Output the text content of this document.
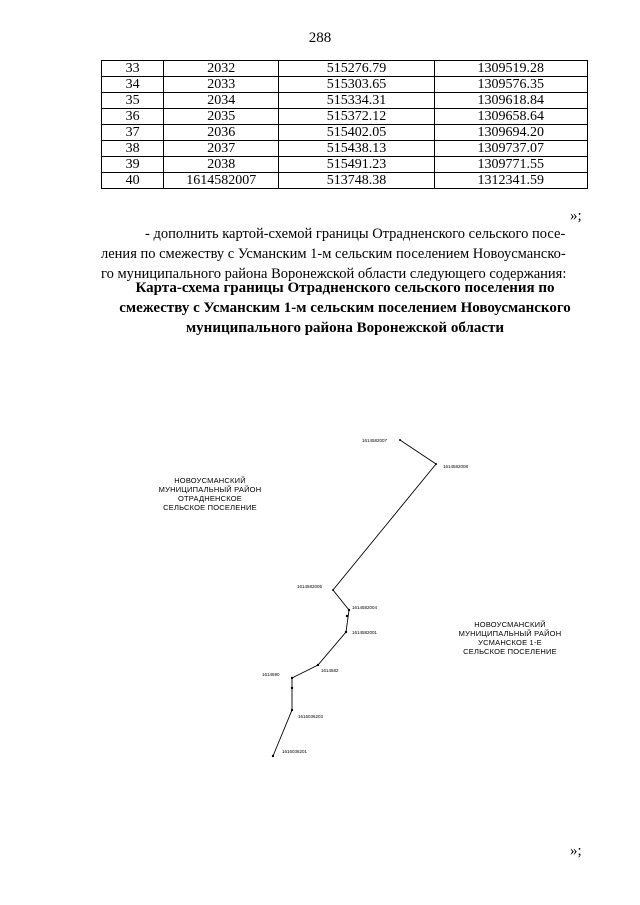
288
33	2032	515276.79	1309519.28
34	2033	515303.65	1309576.35
35	2034	515334.31	1309618.84
36	2035	515372.12	1309658.64
37	2036	515402.05	1309694.20
38	2037	515438.13	1309737.07
39	2038	515491.23	1309771.55
40	1614582007	513748.38	1312341.59
»;
- дополнить картой-схемой границы Отрадненского сельского посе-
ления по смежеству с Усманским 1-м сельским поселением Новоусманско-
го муниципального района Воронежской области следующего содержания:
Карта-схема границы Отрадненского сельского поселения по
смежеству с Усманским 1-м сельским поселением Новоусманского
муниципального района Воронежской области
НОВОУСМАНСКИЙ
МУНИЦИПАЛЬНЫЙ РАЙОН
ОТРАДНЕНСКОЕ
СЕЛЬСКОЕ ПОСЕЛЕНИЕ
НОВОУСМАНСКИЙ
МУНИЦИПАЛЬНЫЙ РАЙОН
УСМАНСКОЕ 1-Е
СЕЛЬСКОЕ ПОСЕЛЕНИЕ
1614582007
1614582008
1614582005
1614582004
1614582001
1614582
1614590
1616036203
1616036201
»;
